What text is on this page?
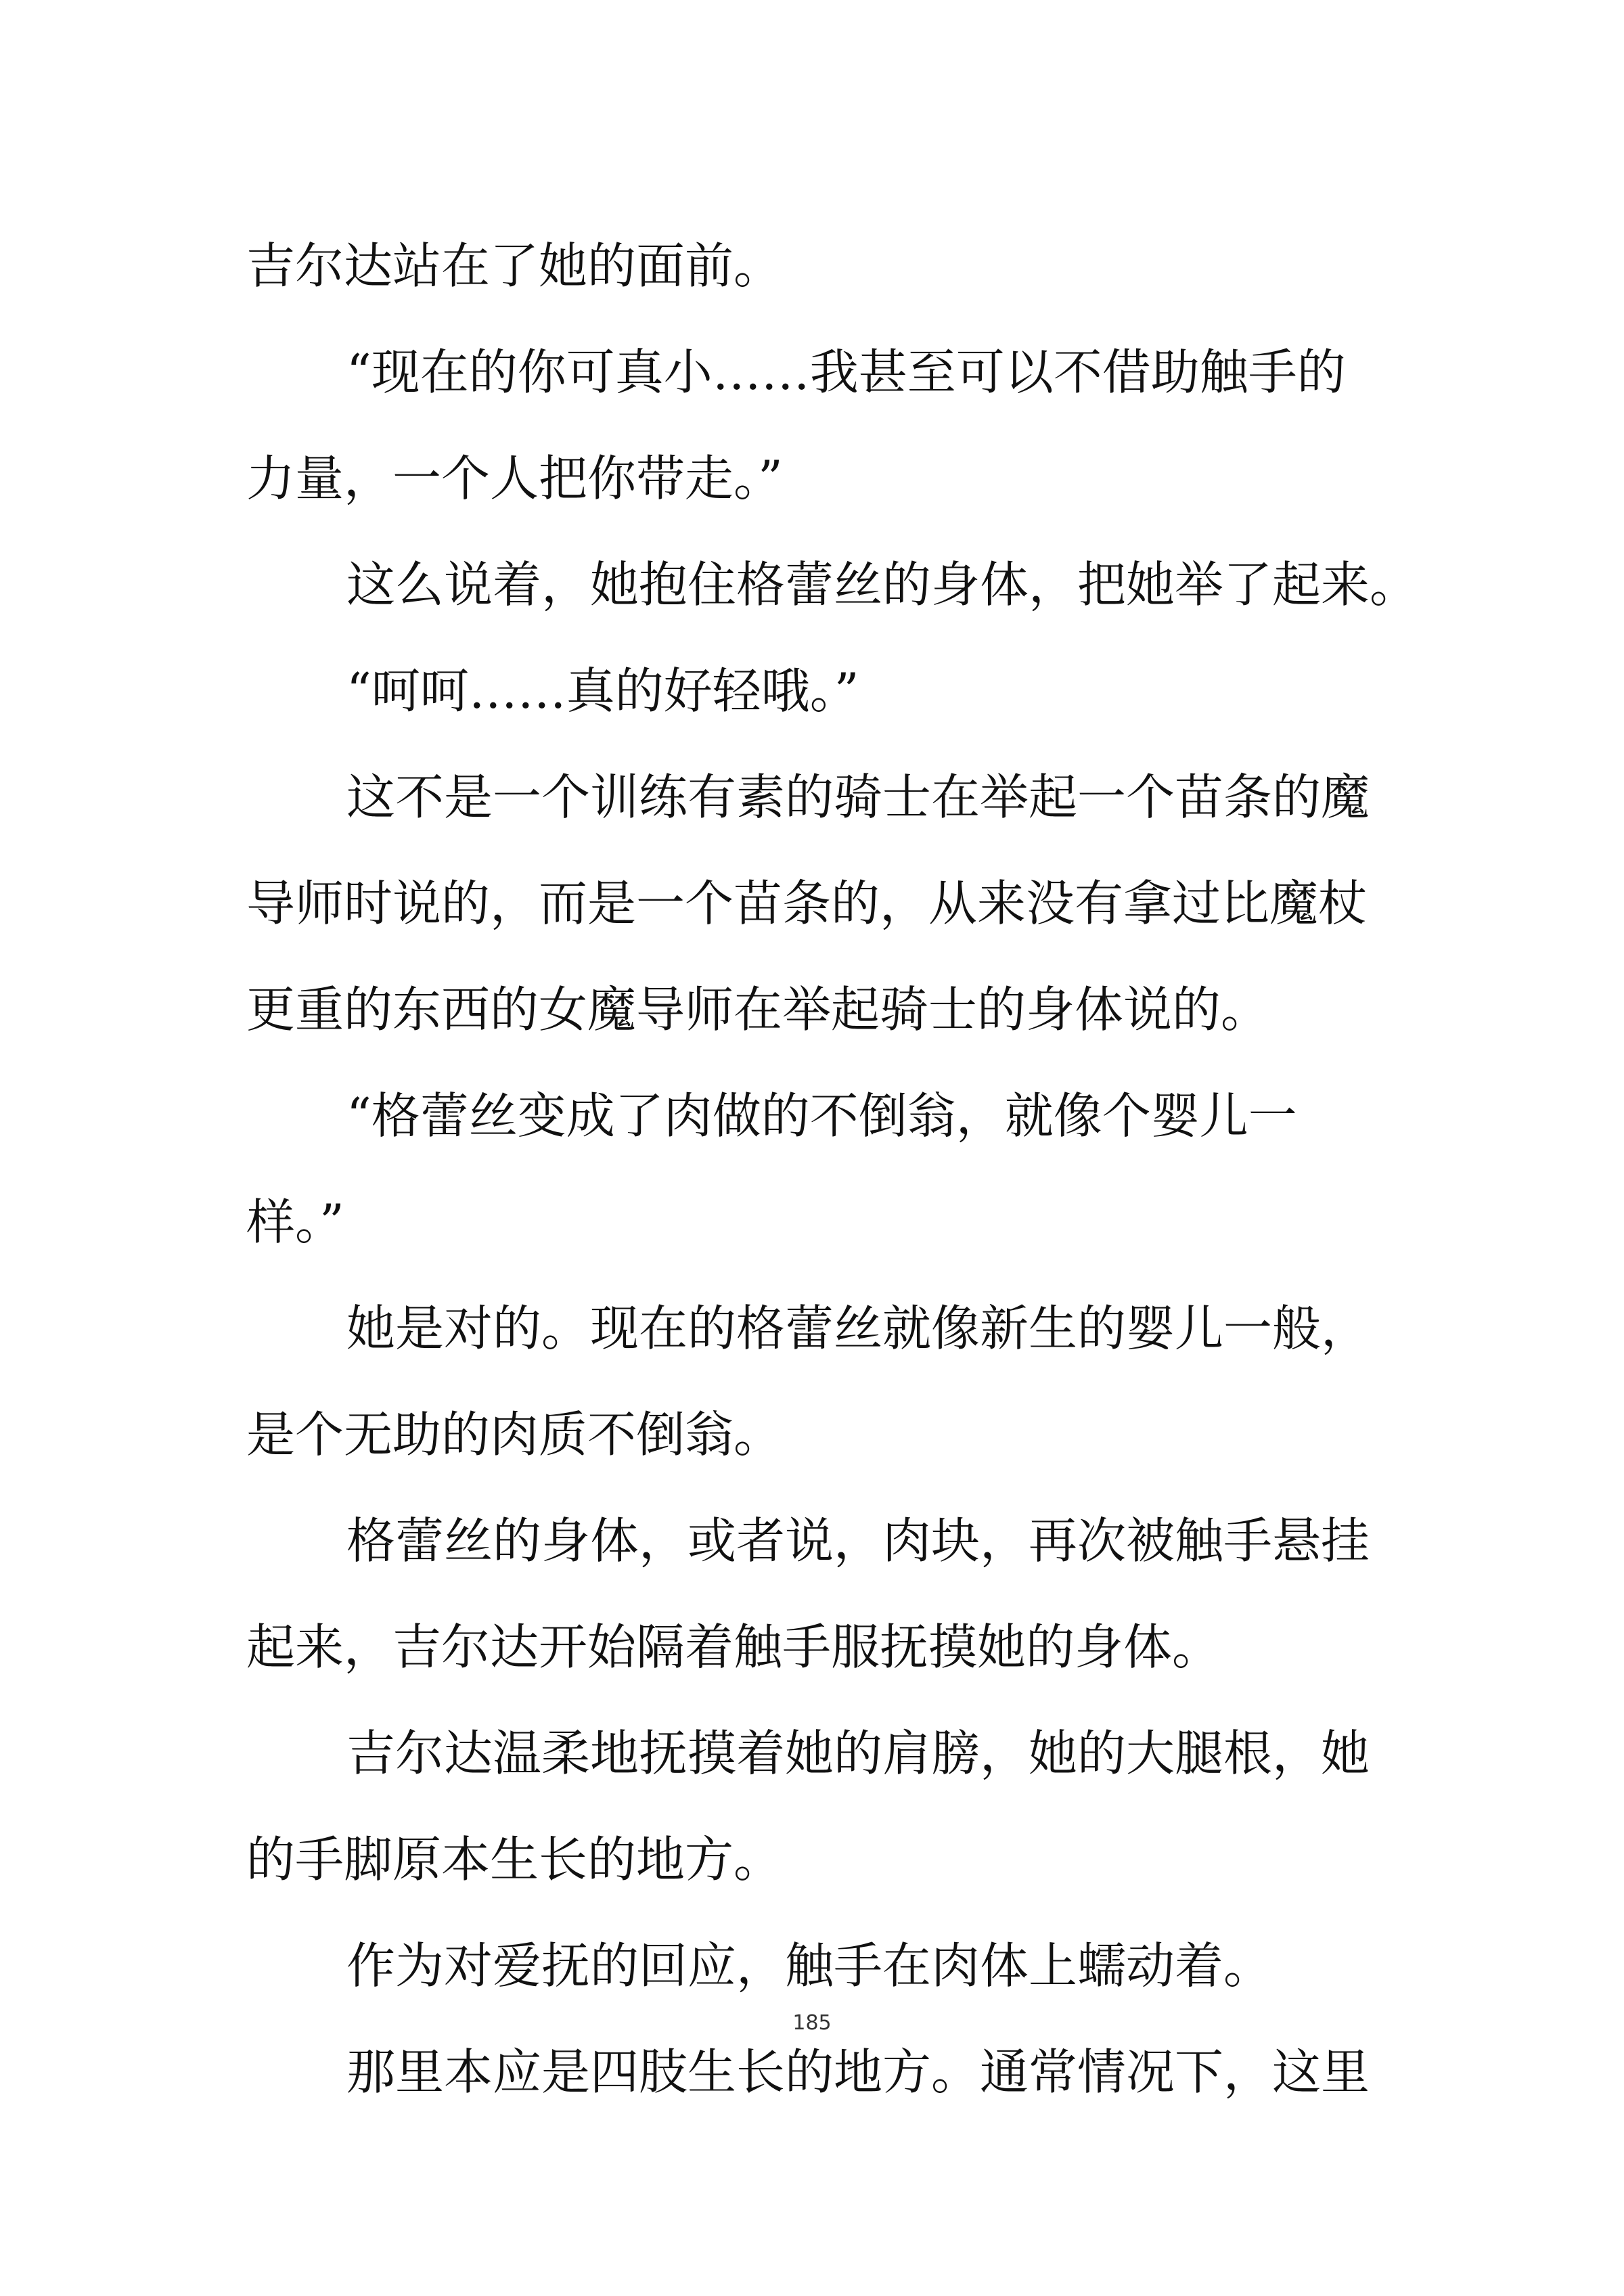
吉尔达站在了她的面前。
“现在的你可真小……我甚至可以不借助触手的
力量，一个人把你带走。”
这么说着，她抱住格蕾丝的身体，把她举了起来。
“呵呵……真的好轻哦。”
这不是一个训练有素的骑士在举起一个苗条的魔
导师时说的，而是一个苗条的，从来没有拿过比魔杖
更重的东西的女魔导师在举起骑士的身体说的。
“格蕾丝变成了肉做的不倒翁，就像个婴儿一
样。”
她是对的。现在的格蕾丝就像新生的婴儿一般，
是个无助的肉质不倒翁。
格蕾丝的身体，或者说，肉块，再次被触手悬挂
起来，吉尔达开始隔着触手服抚摸她的身体。
吉尔达温柔地抚摸着她的肩膀，她的大腿根，她
的手脚原本生长的地方。
作为对爱抚的回应，触手在肉体上蠕动着。
那里本应是四肢生长的地方。通常情况下，这里
185
